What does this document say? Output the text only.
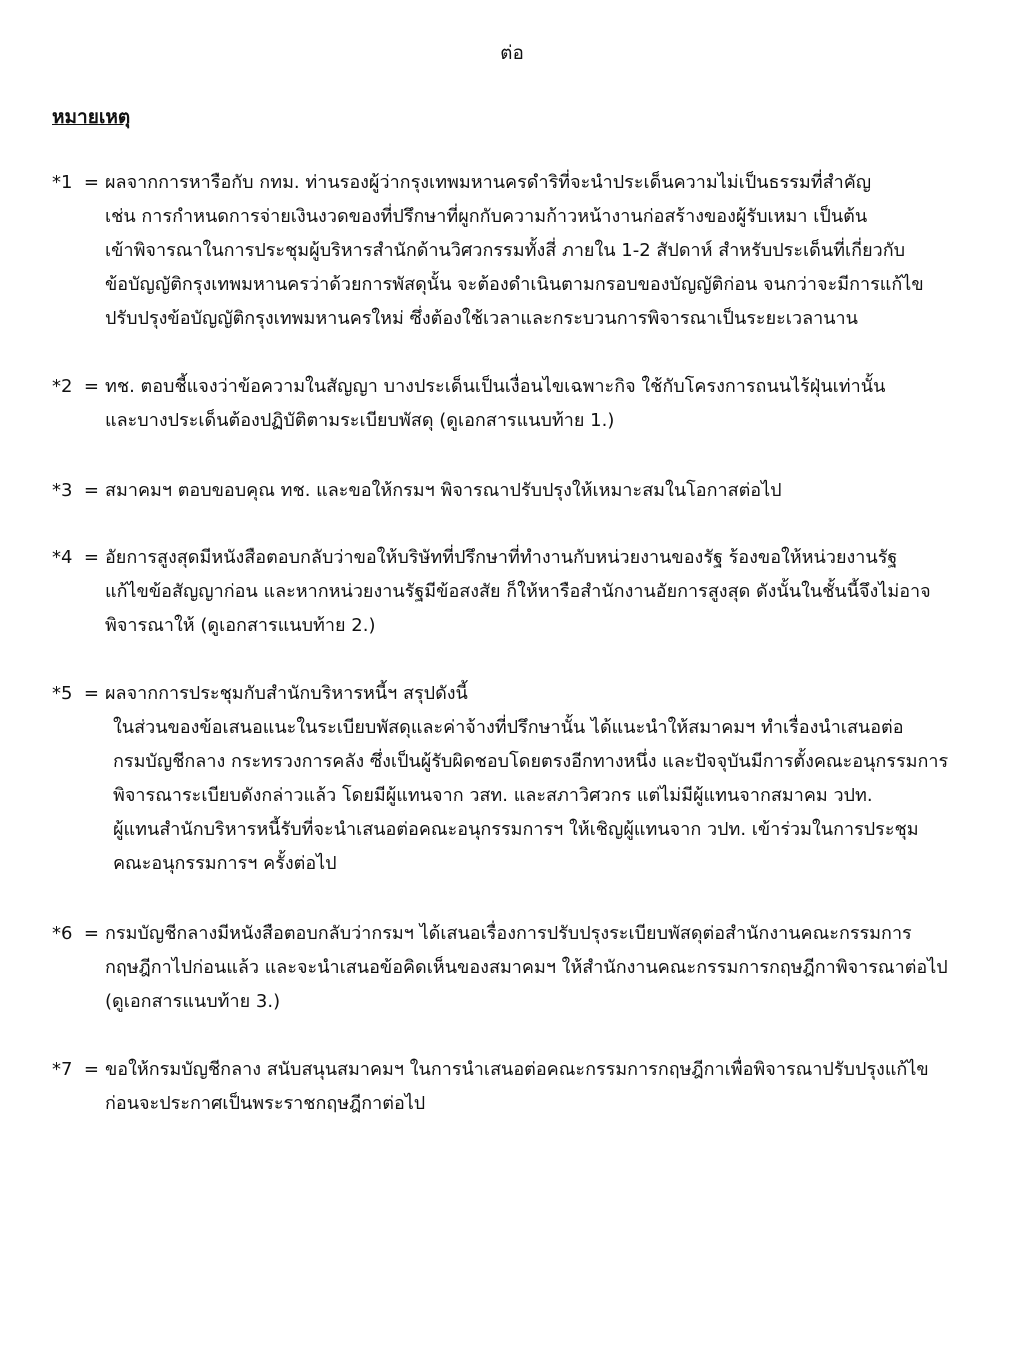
ต่อ
หมายเหตุ
*1  = ผลจากการหารือกับ กทม. ท่านรองผู้ว่ากรุงเทพมหานครดำริที่จะนำประเด็นความไม่เป็นธรรมที่สำคัญ
เช่น การกำหนดการจ่ายเงินงวดของที่ปรึกษาที่ผูกกับความก้าวหน้างานก่อสร้างของผู้รับเหมา เป็นต้น
เข้าพิจารณาในการประชุมผู้บริหารสำนักด้านวิศวกรรมทั้งสี่ ภายใน 1-2 สัปดาห์ สำหรับประเด็นที่เกี่ยวกับ
ข้อบัญญัติกรุงเทพมหานครว่าด้วยการพัสดุนั้น จะต้องดำเนินตามกรอบของบัญญัติก่อน จนกว่าจะมีการแก้ไข
ปรับปรุงข้อบัญญัติกรุงเทพมหานครใหม่ ซึ่งต้องใช้เวลาและกระบวนการพิจารณาเป็นระยะเวลานาน
*2  = ทช. ตอบชี้แจงว่าข้อความในสัญญา บางประเด็นเป็นเงื่อนไขเฉพาะกิจ ใช้กับโครงการถนนไร้ฝุ่นเท่านั้น
และบางประเด็นต้องปฏิบัติตามระเบียบพัสดุ (ดูเอกสารแนบท้าย 1.)
*3  = สมาคมฯ ตอบขอบคุณ ทช. และขอให้กรมฯ พิจารณาปรับปรุงให้เหมาะสมในโอกาสต่อไป
*4  = อัยการสูงสุดมีหนังสือตอบกลับว่าขอให้บริษัทที่ปรึกษาที่ทำงานกับหน่วยงานของรัฐ ร้องขอให้หน่วยงานรัฐ
แก้ไขข้อสัญญาก่อน และหากหน่วยงานรัฐมีข้อสงสัย ก็ให้หารือสำนักงานอัยการสูงสุด ดังนั้นในชั้นนี้จึงไม่อาจ
พิจารณาให้ (ดูเอกสารแนบท้าย 2.)
*5  = ผลจากการประชุมกับสำนักบริหารหนี้ฯ สรุปดังนี้
ในส่วนของข้อเสนอแนะในระเบียบพัสดุและค่าจ้างที่ปรึกษานั้น ได้แนะนำให้สมาคมฯ ทำเรื่องนำเสนอต่อ
กรมบัญชีกลาง กระทรวงการคลัง ซึ่งเป็นผู้รับผิดชอบโดยตรงอีกทางหนึ่ง และปัจจุบันมีการตั้งคณะอนุกรรมการ
พิจารณาระเบียบดังกล่าวแล้ว โดยมีผู้แทนจาก วสท. และสภาวิศวกร แต่ไม่มีผู้แทนจากสมาคม วปท.
ผู้แทนสำนักบริหารหนี้รับที่จะนำเสนอต่อคณะอนุกรรมการฯ ให้เชิญผู้แทนจาก วปท. เข้าร่วมในการประชุม
คณะอนุกรรมการฯ ครั้งต่อไป
*6  = กรมบัญชีกลางมีหนังสือตอบกลับว่ากรมฯ ได้เสนอเรื่องการปรับปรุงระเบียบพัสดุต่อสำนักงานคณะกรรมการ
กฤษฎีกาไปก่อนแล้ว และจะนำเสนอข้อคิดเห็นของสมาคมฯ ให้สำนักงานคณะกรรมการกฤษฎีกาพิจารณาต่อไป
(ดูเอกสารแนบท้าย 3.)
*7  = ขอให้กรมบัญชีกลาง สนับสนุนสมาคมฯ ในการนำเสนอต่อคณะกรรมการกฤษฎีกาเพื่อพิจารณาปรับปรุงแก้ไข
ก่อนจะประกาศเป็นพระราชกฤษฎีกาต่อไป
